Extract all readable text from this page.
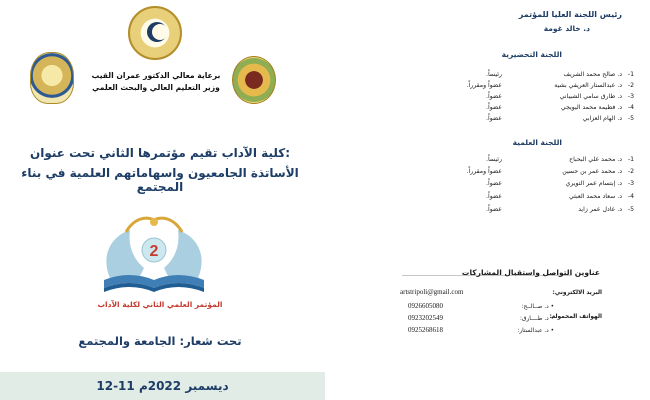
برعاية معالي الدكتور عمران القيب
وزير التعليم العالي والبحث العلمي
كلية الآداب تقيم مؤتمرها الثاني تحت عنوان:
الأساتذة الجامعيون واسهاماتهم العلمية في بناء المجتمع
2
المؤتمر العلمي الثاني لكلية الآداب
تحت شعار: الجامعة والمجتمع
12-11 ديسمبر 2022م
رئيس اللجنة العليا للمؤتمر
د. خالد غومة
اللجنة التحضيرية
1-
د. صالح محمد الشريف
رئيساً.
2-
د. عبدالستار العريفي بشية
عضواً ومقرراً.
3-
د. طارق سامي الشيباني
عضواً.
4-
د. فطيمة محمد اليويجي
عضواً.
5-
د. الهام العزابي
عضواً.
اللجنة العلمية
1-
د. محمد علي البحباح
رئيساً.
2-
د. محمد عمر بن حسين
عضواً ومقرراً.
3-
د. إبتسام عمر التويري
عضواً.
4-
د. سعاد محمد العبثي
عضواً.
5-
د. عادل عمر زايد
عضواً.
عناوين التواصل واستقبال المشاركات
البريد الالكتروني:
artstripoli@gmail.com
الهواتف المحمولة:
• د. صــالــح:
0926605080
• د. طــــارق:
0923202549
• د. عبدالستار:
0925268618
